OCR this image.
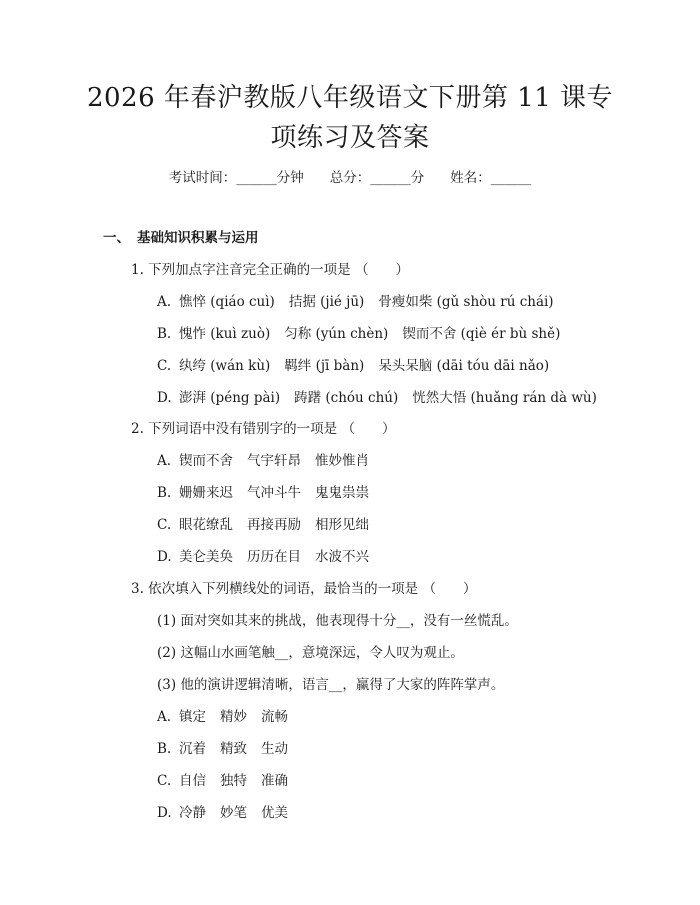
2026 年春沪教版八年级语文下册第 11 课专
项练习及答案
考试时间：______分钟 总分：______分 姓名：______
一、 基础知识积累与运用
1. 下列加点字注音完全正确的一项是 （　　）
A. 憔悴 (qiáo cuì) 拮据 (jié jū) 骨瘦如柴 (gǔ shòu rú chái)
B. 愧怍 (kuì zuò) 匀称 (yún chèn) 锲而不舍 (qiè ér bù shě)
C. 纨绔 (wán kù) 羁绊 (jī bàn) 呆头呆脑 (dāi tóu dāi nǎo)
D. 澎湃 (péng pài) 踌躇 (chóu chú) 恍然大悟 (huǎng rán dà wù)
2. 下列词语中没有错别字的一项是 （　　）
A. 锲而不舍 气宇轩昂 惟妙惟肖
B. 姗姗来迟 气冲斗牛 鬼鬼祟祟
C. 眼花缭乱 再接再励 相形见绌
D. 美仑美奂 历历在目 水波不兴
3. 依次填入下列横线处的词语，最恰当的一项是 （　　）
(1) 面对突如其来的挑战，他表现得十分__，没有一丝慌乱。
(2) 这幅山水画笔触__，意境深远，令人叹为观止。
(3) 他的演讲逻辑清晰，语言__，赢得了大家的阵阵掌声。
A. 镇定 精妙 流畅
B. 沉着 精致 生动
C. 自信 独特 准确
D. 冷静 妙笔 优美
